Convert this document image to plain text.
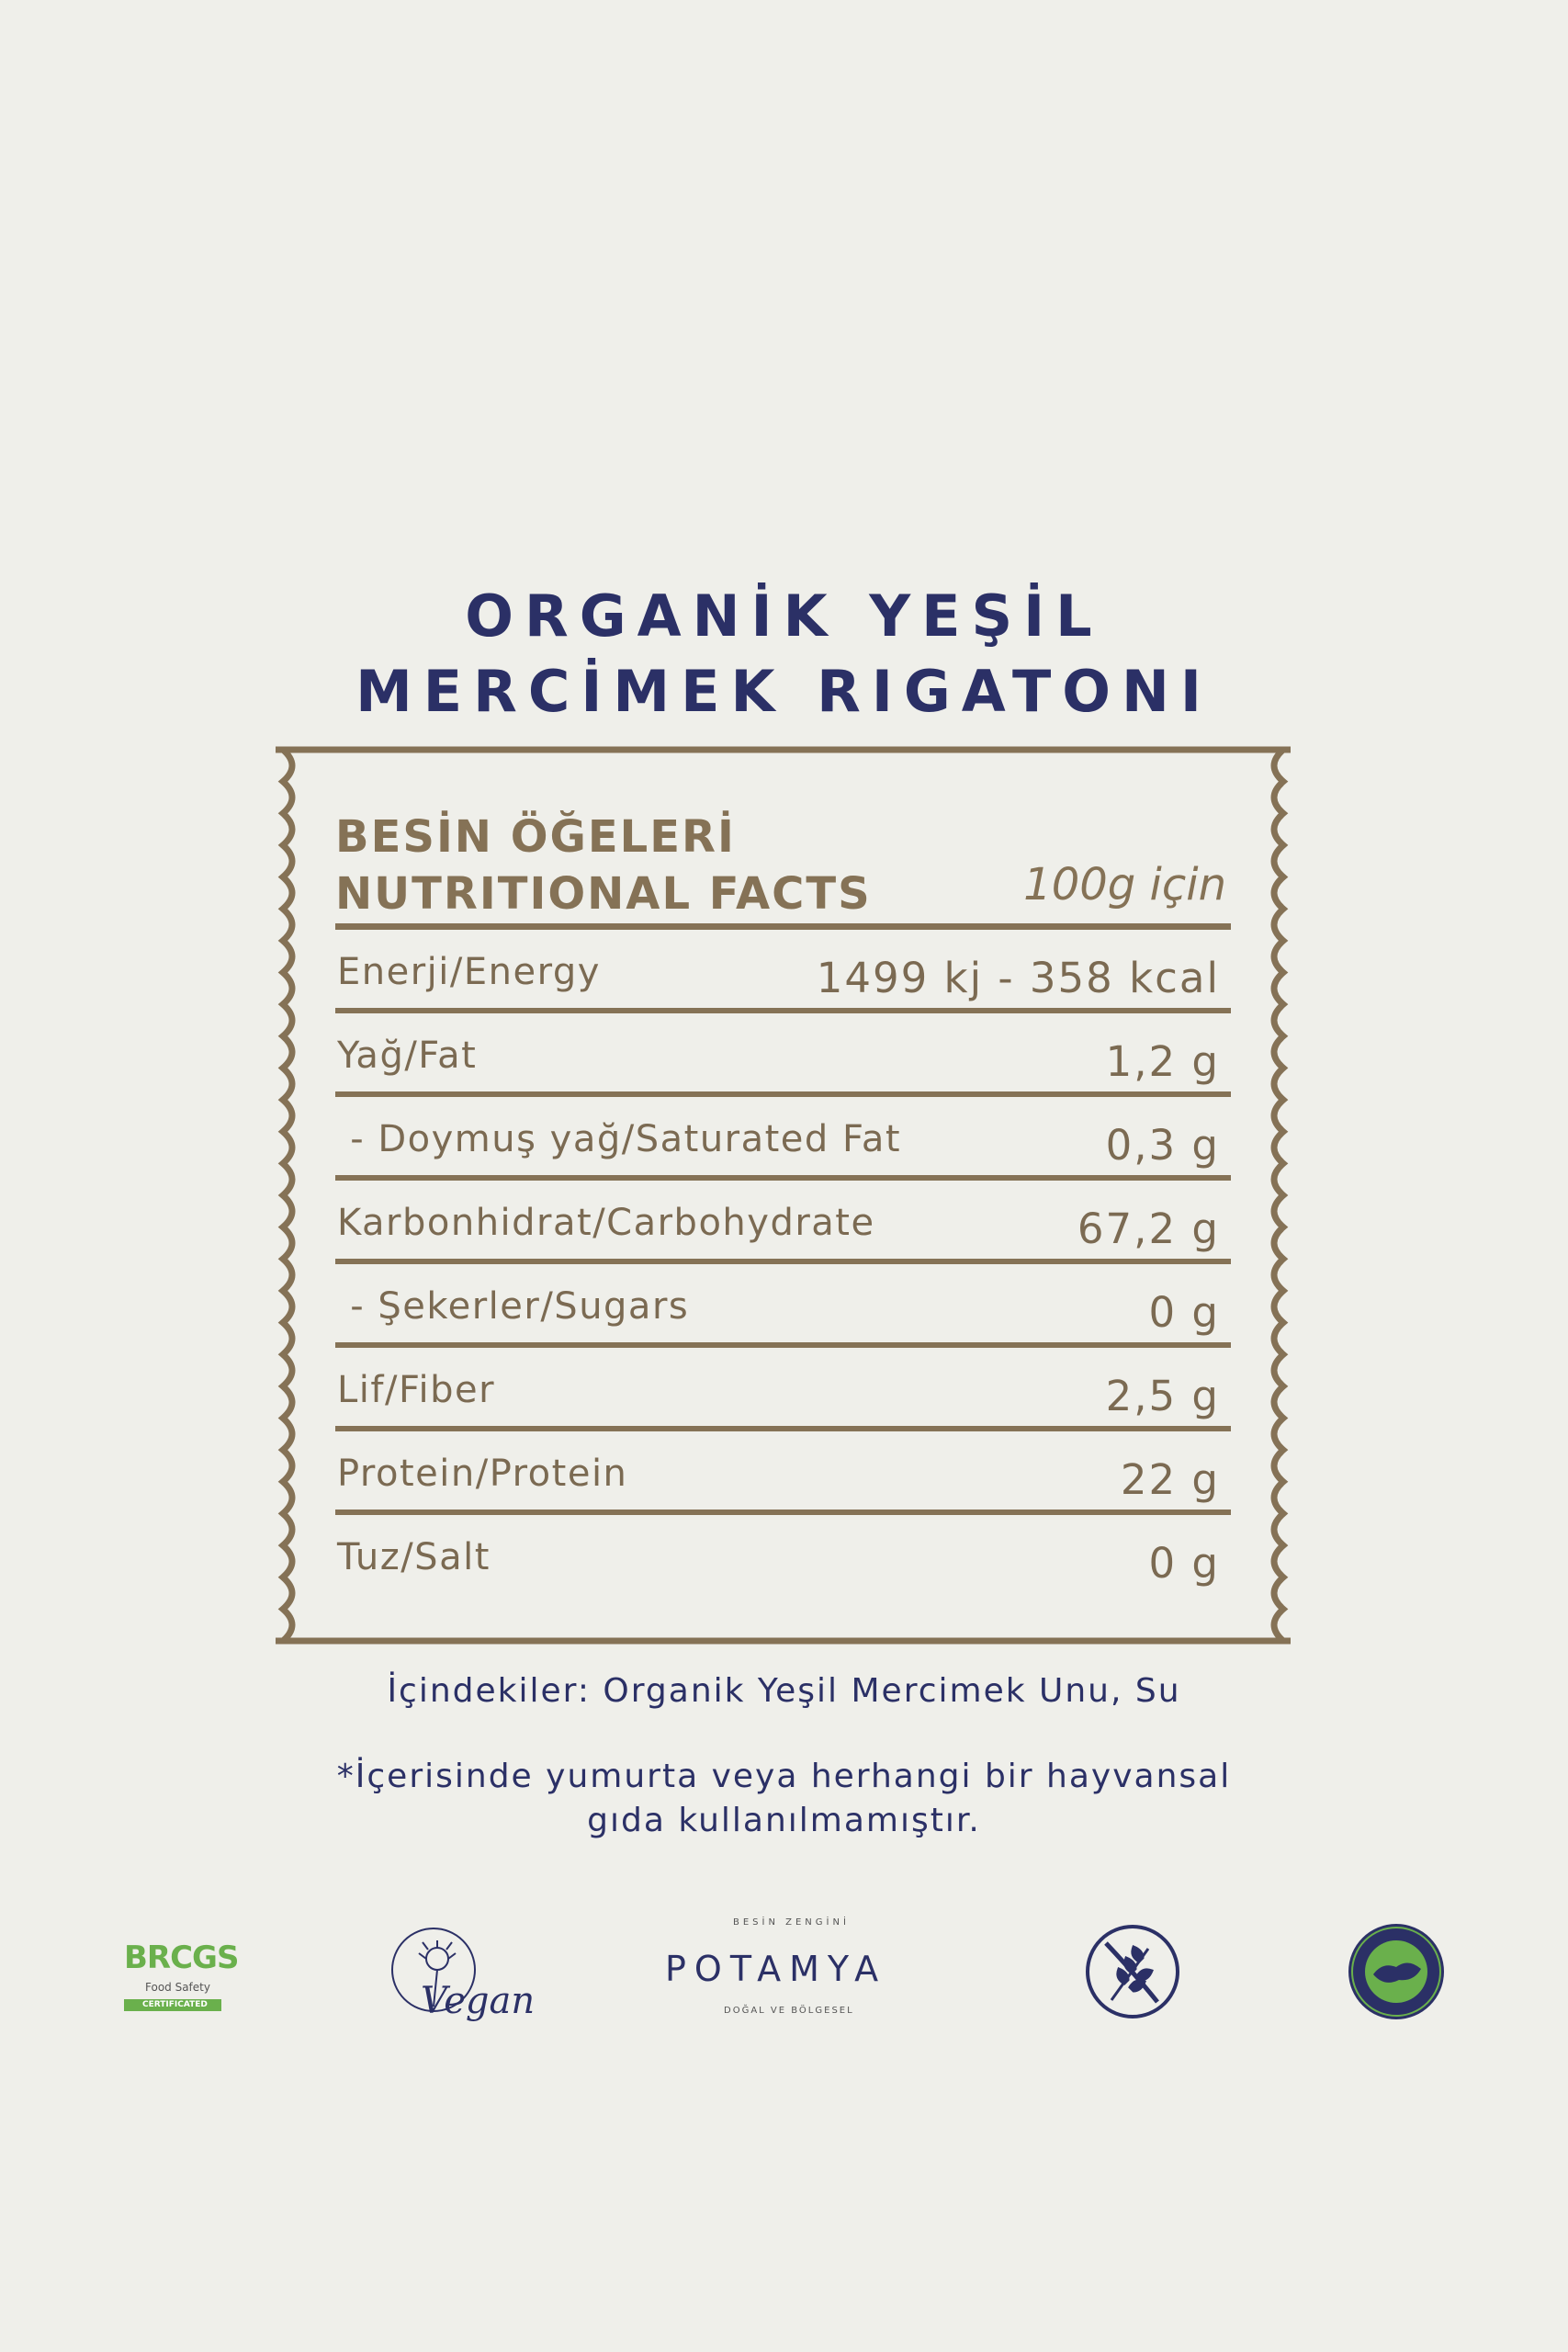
ORGANİK YEŞİL
MERCİMEK RIGATONI
BESİN ÖĞELERİ
NUTRITIONAL FACTS	100g için
Enerji/Energy	1499 kj - 358 kcal
Yağ/Fat	1,2 g
- Doymuş yağ/Saturated Fat	0,3 g
Karbonhidrat/Carbohydrate	67,2 g
- Şekerler/Sugars	0 g
Lif/Fiber	2,5 g
Protein/Protein	22 g
Tuz/Salt	0 g
İçindekiler: Organik Yeşil Mercimek Unu, Su
*İçerisinde yumurta veya herhangi bir hayvansal
gıda kullanılmamıştır.
BRCGS
Food Safety
CERTIFICATED	Vegan
BESİN ZENGİNİ
POTAMYA
DOĞAL VE BÖLGESEL
